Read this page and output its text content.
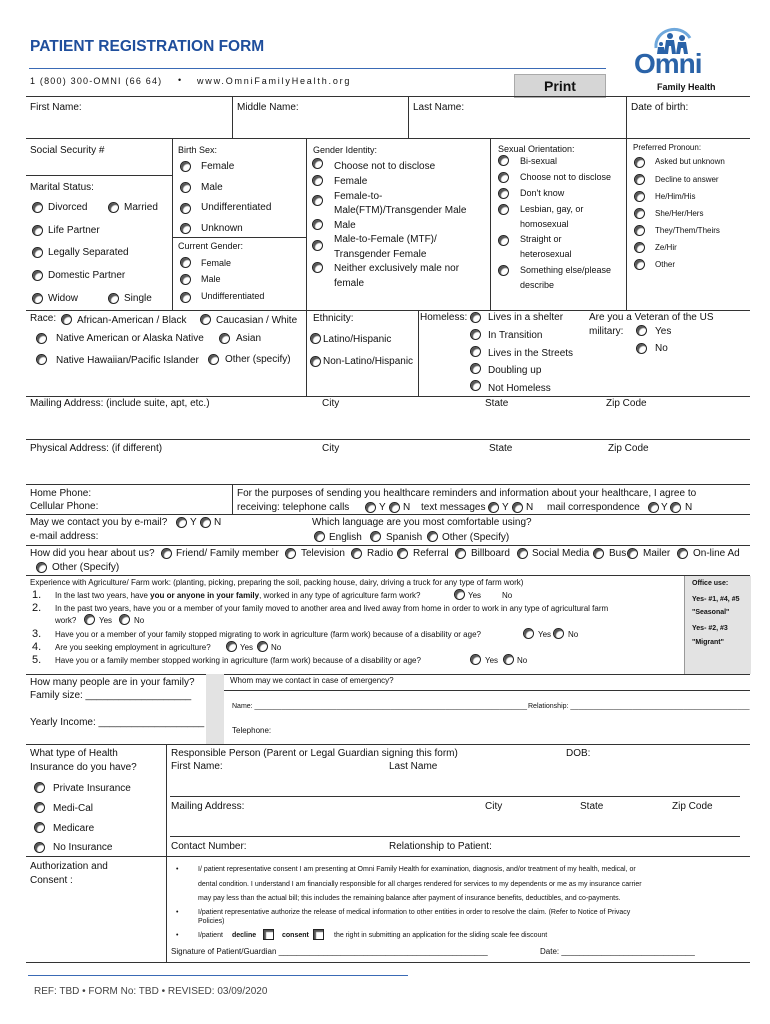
PATIENT REGISTRATION FORM
1 (800) 300-OMNI (66 64) • www.OmniFamilyHealth.org	Print
Omni
Family Health
First Name:	Middle Name:	Last Name:	Date of birth:
Social Security #
Marital Status:
Divorced	Married
Life Partner
Legally Separated
Domestic Partner
Widow	Single
Birth Sex:
Female
Male
Undifferentiated
Unknown
Current Gender:
Female
Male
Undifferentiated
Gender Identity:
Choose not to disclose
Female
Female-to-
Male(FTM)/Transgender Male
Male
Male-to-Female (MTF)/
Transgender Female
Neither exclusively male nor
female
Sexual Orientation:
Bi-sexual
Choose not to disclose
Don't know
Lesbian, gay, or
homosexual
Straight or
heterosexual
Something else/please
describe
Preferred Pronoun:
Asked but unknown
Decline to answer
He/Him/His
She/Her/Hers
They/Them/Theirs
Ze/Hir
Other
Race: African-American / Black	Caucasian / White
Native American or Alaska Native	Asian
Native Hawaiian/Pacific Islander	Other (specify)
Ethnicity:
Latino/Hispanic
Non-Latino/Hispanic
Homeless: Lives in a shelter
In Transition
Lives in the Streets
Doubling up
Not Homeless
Are you a Veteran of the US
military:	Yes
No
Mailing Address: (include suite, apt, etc.)	City	State	Zip Code
Physical Address: (if different)	City	State	Zip Code
Home Phone:
Cellular Phone:
For the purposes of sending you healthcare reminders and information about your healthcare, I agree to
receiving: telephone calls	Y N text messages Y N mail correspondence Y N
May we contact you by e-mail? Y N
e-mail address:
Which language are you most comfortable using?
English Spanish Other (Specify)
How did you hear about us? Friend/ Family member Television Radio Referral Billboard Social Media Bus Mailer On-line Ad
Other (Specify)
Experience with Agriculture/ Farm work: (planting, picking, preparing the soil, packing house, dairy, driving a truck for any type of farm work)
1. In the last two years, have you or anyone in your family, worked in any type of agriculture farm work?	Yes	No
2. In the past two years, have you or a member of your family moved to another area and lived away from home in order to work in any type of agricultural farm
work?	Yes	No
3. Have you or a member of your family stopped migrating to work in agriculture (farm work) because of a disability or age?	Yes No
4. Are you seeking employment in agriculture?	Yes No
5. Have you or a family member stopped working in agriculture (farm work) because of a disability or age?	Yes No
Office use:
Yes- #1, #4, #5
"Seasonal"
Yes- #2, #3
"Migrant"
How many people are in your family?
Family size: ___________________
Yearly Income: ___________________
Whom may we contact in case of emergency?
Name: ______________________________________________________________________ Relationship: ______________________________________________
Telephone:
What type of Health
Insurance do you have?
Private Insurance
Medi-Cal
Medicare
No Insurance
Responsible Person (Parent or Legal Guardian signing this form)	DOB:
First Name:	Last Name
Mailing Address:	City	State	Zip Code
Contact Number:	Relationship to Patient:
Authorization and
Consent :
•	I/ patient representative consent I am presenting at Omni Family Health for examination, diagnosis, and/or treatment of my health, medical, or
dental condition. I understand I am financially responsible for all charges rendered for services to my dependents or me as my insurance carrier
may pay less than the actual bill; this includes the remaining balance after payment of insurance benefits, deductibles, and co-payments.
•	I/patient representative authorize the release of medical information to other entities in order to resolve the claim. (Refer to Notice of Privacy
Policies)
•	I/patient decline	consent	the right in submitting an application for the sliding scale fee discount
Signature of Patient/Guardian _______________________________________________	Date: ______________________________
REF: TBD • FORM No: TBD • REVISED: 03/09/2020
